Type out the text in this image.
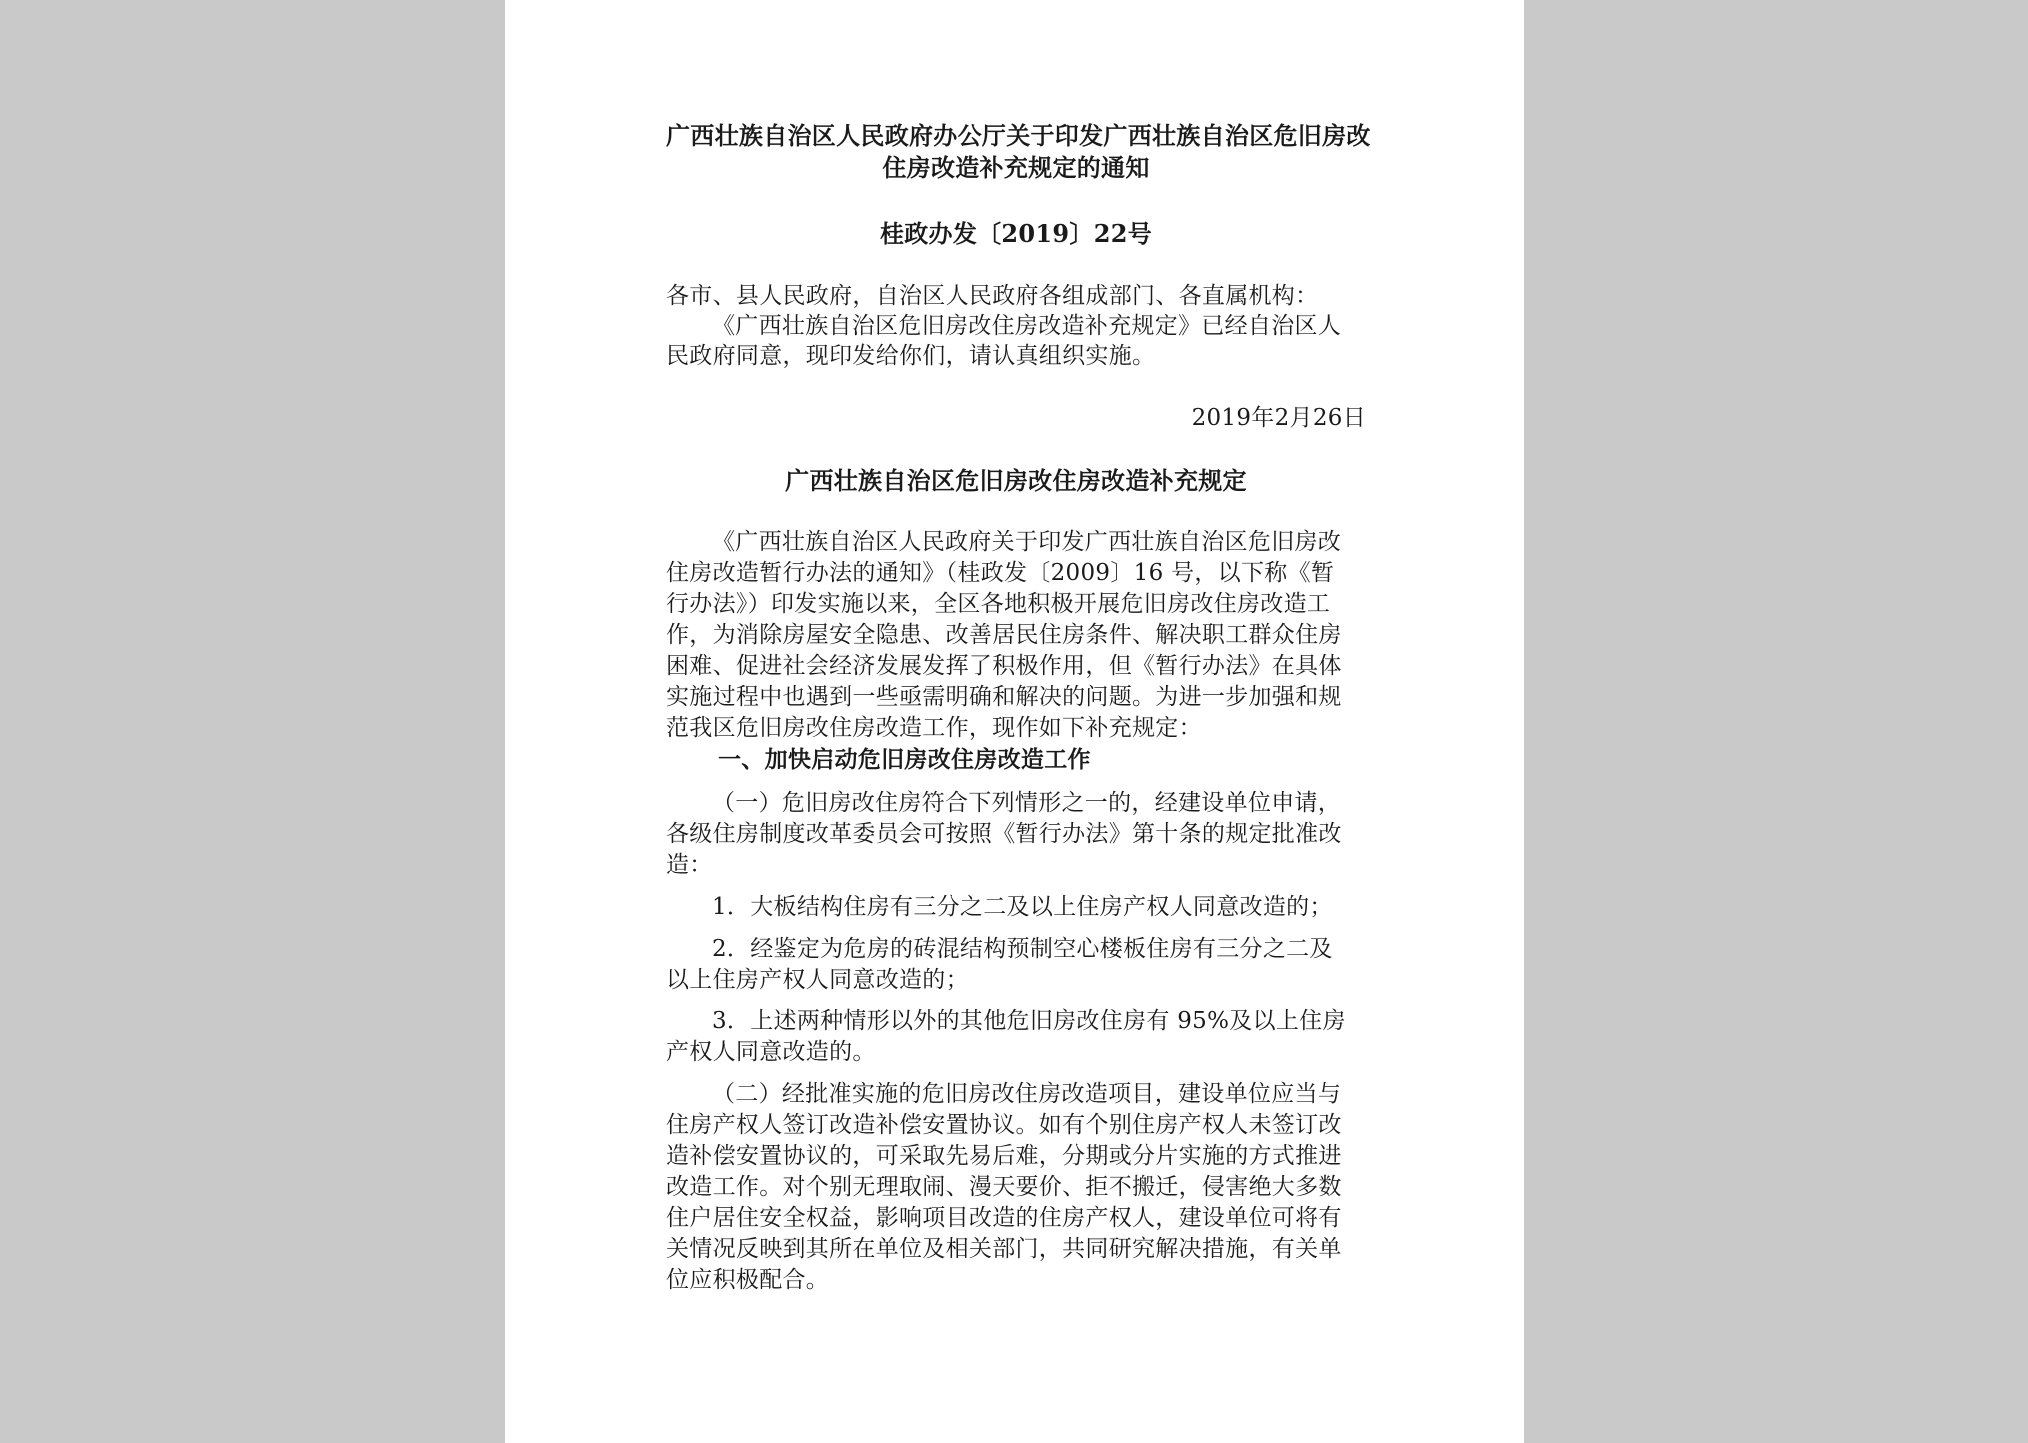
广西壮族自治区人民政府办公厅关于印发广西壮族自治区危旧房改
住房改造补充规定的通知
桂政办发〔2019〕22号
各市、县人民政府，自治区人民政府各组成部门、各直属机构：
《广西壮族自治区危旧房改住房改造补充规定》已经自治区人
民政府同意，现印发给你们，请认真组织实施。
2019年2月26日
广西壮族自治区危旧房改住房改造补充规定
《广西壮族自治区人民政府关于印发广西壮族自治区危旧房改
住房改造暂行办法的通知》（桂政发〔2009〕16 号，以下称《暂
行办法》）印发实施以来，全区各地积极开展危旧房改住房改造工
作，为消除房屋安全隐患、改善居民住房条件、解决职工群众住房
困难、促进社会经济发展发挥了积极作用，但《暂行办法》在具体
实施过程中也遇到一些亟需明确和解决的问题。为进一步加强和规
范我区危旧房改住房改造工作，现作如下补充规定：
一、加快启动危旧房改住房改造工作
（一）危旧房改住房符合下列情形之一的，经建设单位申请，
各级住房制度改革委员会可按照《暂行办法》第十条的规定批准改
造：
1．大板结构住房有三分之二及以上住房产权人同意改造的；
2．经鉴定为危房的砖混结构预制空心楼板住房有三分之二及
以上住房产权人同意改造的；
3．上述两种情形以外的其他危旧房改住房有 95%及以上住房
产权人同意改造的。
（二）经批准实施的危旧房改住房改造项目，建设单位应当与
住房产权人签订改造补偿安置协议。如有个别住房产权人未签订改
造补偿安置协议的，可采取先易后难，分期或分片实施的方式推进
改造工作。对个别无理取闹、漫天要价、拒不搬迁，侵害绝大多数
住户居住安全权益，影响项目改造的住房产权人，建设单位可将有
关情况反映到其所在单位及相关部门，共同研究解决措施，有关单
位应积极配合。
